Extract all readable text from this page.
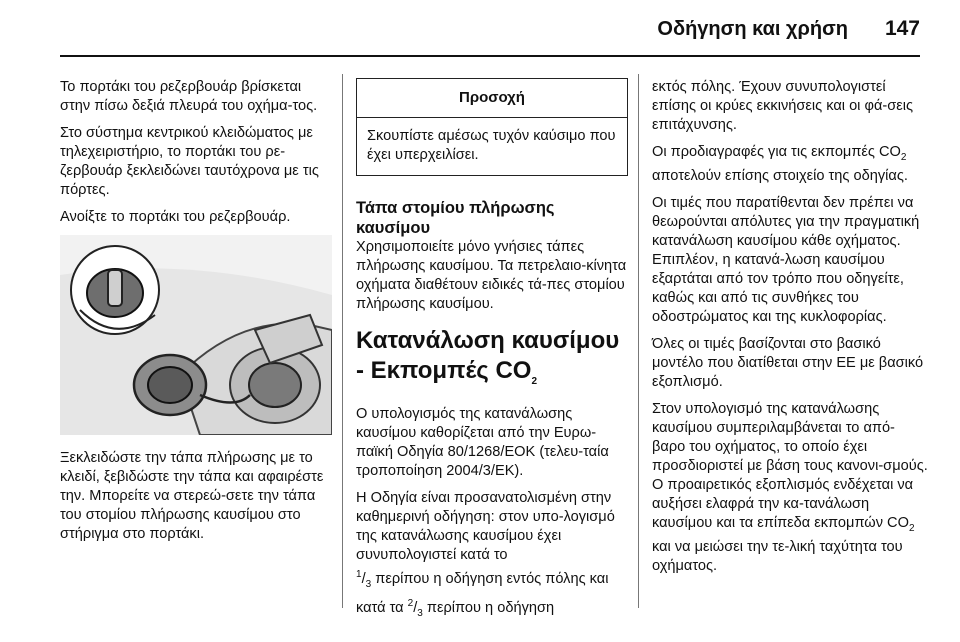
Οδήγηση και χρήση 147

Το πορτάκι του ρεζερβουάρ βρίσκεται στην πίσω δεξιά πλευρά του οχήμα-τος.

Στο σύστημα κεντρικού κλειδώματος με τηλεχειριστήριο, το πορτάκι του ρε-ζερβουάρ ξεκλειδώνει ταυτόχρονα με τις πόρτες.

Ανοίξτε το πορτάκι του ρεζερβουάρ.

Ξεκλειδώστε την τάπα πλήρωσης με το κλειδί, ξεβιδώστε την τάπα και αφαιρέστε την. Μπορείτε να στερεώ-σετε την τάπα του στομίου πλήρωσης καυσίμου στο στήριγμα στο πορτάκι.

Προσοχή
Σκουπίστε αμέσως τυχόν καύσιμο που έχει υπερχειλίσει.
Τάπα στομίου πλήρωσης καυσίμου

Χρησιμοποιείτε μόνο γνήσιες τάπες πλήρωσης καυσίμου. Τα πετρελαιο-κίνητα οχήματα διαθέτουν ειδικές τά-πες στομίου πλήρωσης καυσίμου.

Κατανάλωση καυσίμου - Εκπομπές $CO_2$

Ο υπολογισμός της κατανάλωσης καυσίμου καθορίζεται από την Ευρω-παϊκή Οδηγία 80/1268/ΕΟΚ (τελευ-ταία τροποποίηση 2004/3/ΕΚ).

Η Οδηγία είναι προσανατολισμένη στην καθημερινή οδήγηση: στον υπο-λογισμό της κατανάλωσης καυσίμου έχει συνυπολογιστεί κατά το
$^1/_3$ περίπου η οδήγηση εντός πόλης και κατά τα $^2/_3$ περίπου η οδήγηση

εκτός πόλης. Έχουν συνυπολογιστεί επίσης οι κρύες εκκινήσεις και οι φά-σεις επιτάχυνσης.

Οι προδιαγραφές για τις εκπομπές $CO_2$ αποτελούν επίσης στοιχείο της οδηγίας.

Οι τιμές που παρατίθενται δεν πρέπει να θεωρούνται απόλυτες για την πραγματική κατανάλωση καυσίμου κάθε οχήματος. Επιπλέον, η κατανά-λωση καυσίμου εξαρτάται από τον τρόπο που οδηγείτε, καθώς και από τις συνθήκες του οδοστρώματος και της κυκλοφορίας.

Όλες οι τιμές βασίζονται στο βασικό μοντέλο που διατίθεται στην ΕΕ με βασικό εξοπλισμό.

Στον υπολογισμό της κατανάλωσης καυσίμου συμπεριλαμβάνεται το από-βαρο του οχήματος, το οποίο έχει προσδιοριστεί με βάση τους κανονι-σμούς. Ο προαιρετικός εξοπλισμός ενδέχεται να αυξήσει ελαφρά την κα-τανάλωση καυσίμου και τα επίπεδα εκπομπών $CO_2$ και να μειώσει την τε-λική ταχύτητα του οχήματος.
